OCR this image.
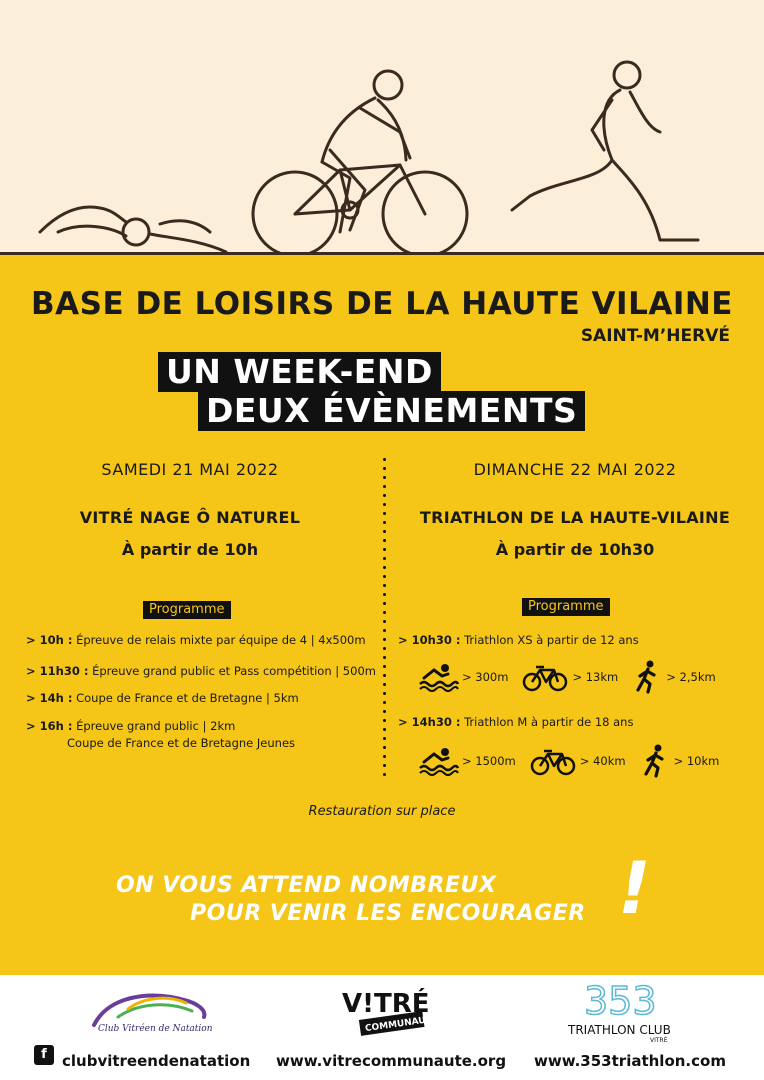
BASE DE LOISIRS DE LA HAUTE VILAINE
SAINT-M’HERVÉ
UN WEEK-END
DEUX ÉVÈNEMENTS
SAMEDI 21 MAI 2022
VITRÉ NAGE Ô NATUREL
À partir de 10h
DIMANCHE 22 MAI 2022
TRIATHLON DE LA HAUTE-VILAINE
À partir de 10h30
Programme	Programme
> 10h : Épreuve de relais mixte par équipe de 4 | 4x500m
> 11h30 : Épreuve grand public et Pass compétition | 500m
> 14h : Coupe de France et de Bretagne | 5km
> 16h : Épreuve grand public | 2km
Coupe de France et de Bretagne Jeunes
> 10h30 : Triathlon XS à partir de 12 ans
> 300m	> 13km	> 2,5km
> 14h30 : Triathlon M à partir de 18 ans
> 1500m	> 40km	> 10km
Restauration sur place
ON VOUS ATTEND NOMBREUX
POUR VENIR LES ENCOURAGER !
Club Vitréen de Natation
V!TRÉ
COMMUNAUTÉ
353
TRIATHLON CLUB
VITRÉ
f	clubvitreendenatation www.vitrecommunaute.org www.353triathlon.com
